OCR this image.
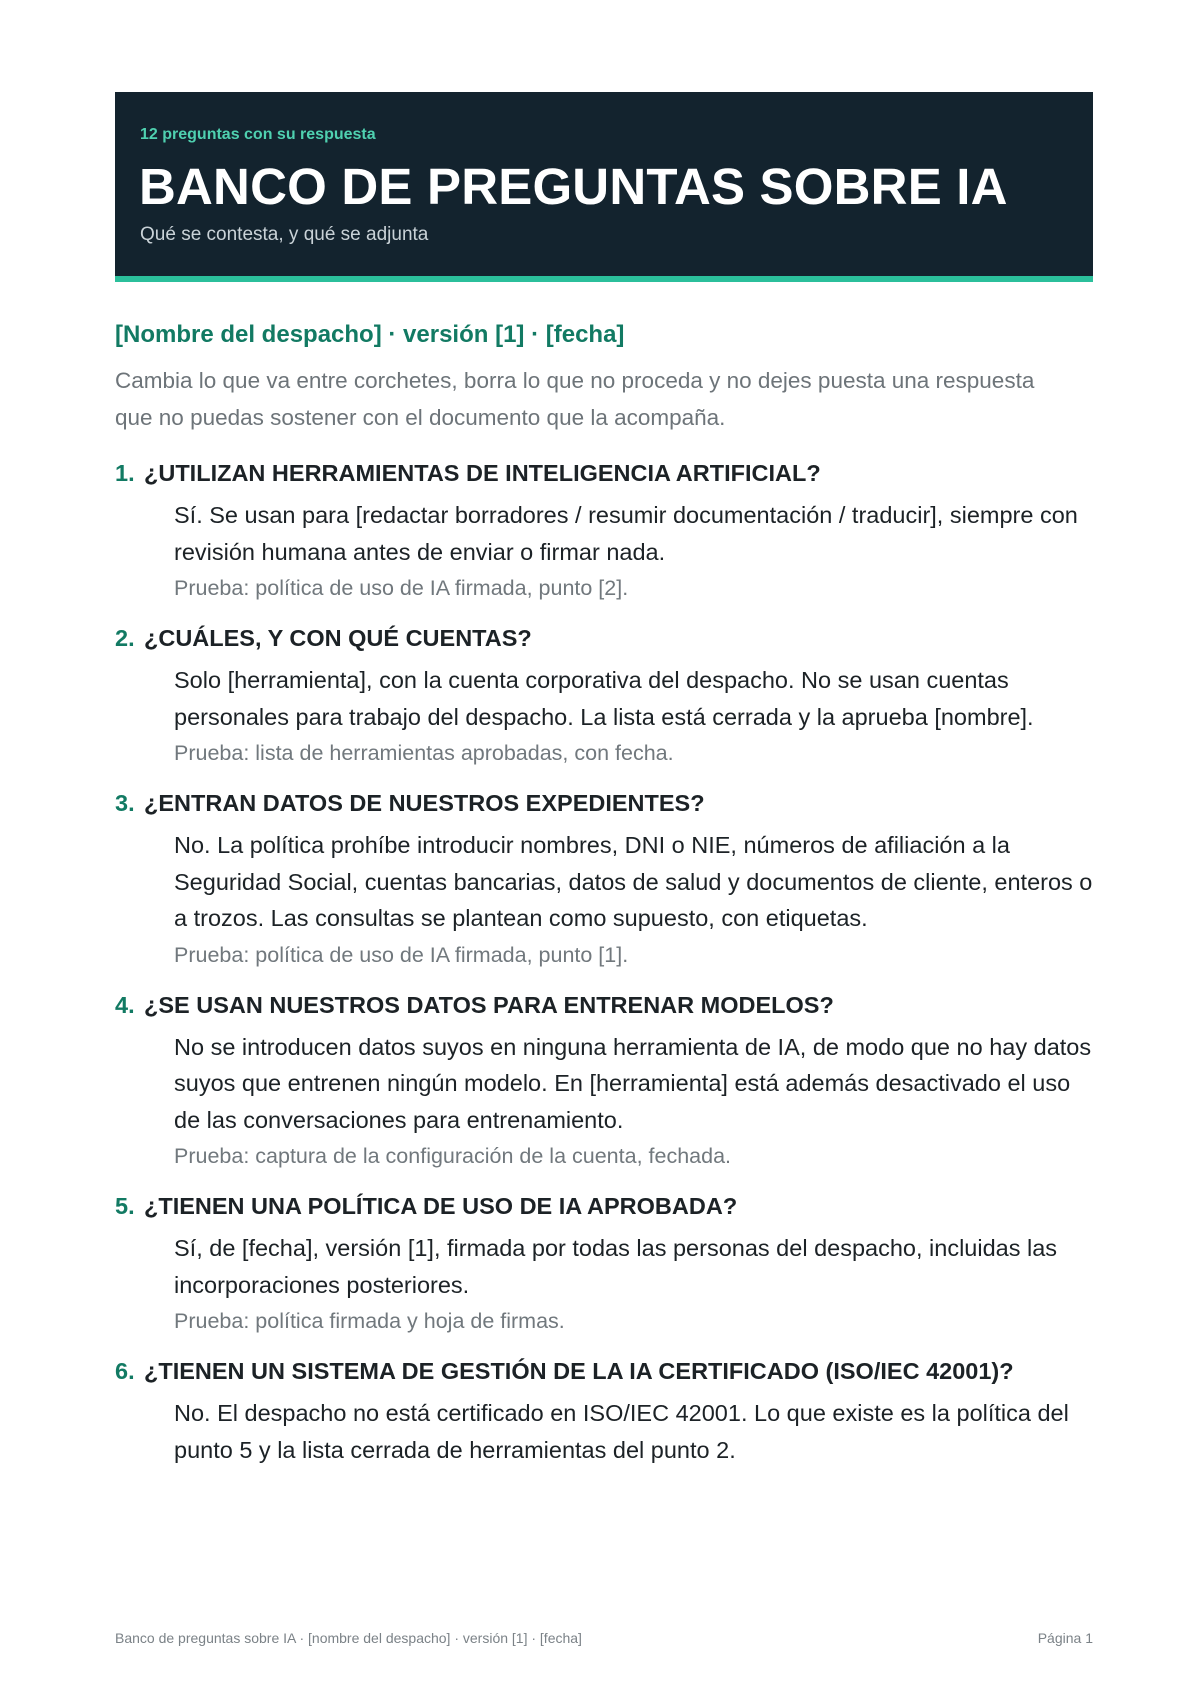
12 preguntas con su respuesta
BANCO DE PREGUNTAS SOBRE IA
Qué se contesta, y qué se adjunta
[Nombre del despacho] · versión [1] · [fecha]
Cambia lo que va entre corchetes, borra lo que no proceda y no dejes puesta una respuesta que no puedas sostener con el documento que la acompaña.
1. ¿UTILIZAN HERRAMIENTAS DE INTELIGENCIA ARTIFICIAL?
Sí. Se usan para [redactar borradores / resumir documentación / traducir], siempre con revisión humana antes de enviar o firmar nada.
Prueba: política de uso de IA firmada, punto [2].
2. ¿CUÁLES, Y CON QUÉ CUENTAS?
Solo [herramienta], con la cuenta corporativa del despacho. No se usan cuentas personales para trabajo del despacho. La lista está cerrada y la aprueba [nombre].
Prueba: lista de herramientas aprobadas, con fecha.
3. ¿ENTRAN DATOS DE NUESTROS EXPEDIENTES?
No. La política prohíbe introducir nombres, DNI o NIE, números de afiliación a la Seguridad Social, cuentas bancarias, datos de salud y documentos de cliente, enteros o a trozos. Las consultas se plantean como supuesto, con etiquetas.
Prueba: política de uso de IA firmada, punto [1].
4. ¿SE USAN NUESTROS DATOS PARA ENTRENAR MODELOS?
No se introducen datos suyos en ninguna herramienta de IA, de modo que no hay datos suyos que entrenen ningún modelo. En [herramienta] está además desactivado el uso de las conversaciones para entrenamiento.
Prueba: captura de la configuración de la cuenta, fechada.
5. ¿TIENEN UNA POLÍTICA DE USO DE IA APROBADA?
Sí, de [fecha], versión [1], firmada por todas las personas del despacho, incluidas las incorporaciones posteriores.
Prueba: política firmada y hoja de firmas.
6. ¿TIENEN UN SISTEMA DE GESTIÓN DE LA IA CERTIFICADO (ISO/IEC 42001)?
No. El despacho no está certificado en ISO/IEC 42001. Lo que existe es la política del punto 5 y la lista cerrada de herramientas del punto 2.
Banco de preguntas sobre IA · [nombre del despacho] · versión [1] · [fecha]	Página 1
